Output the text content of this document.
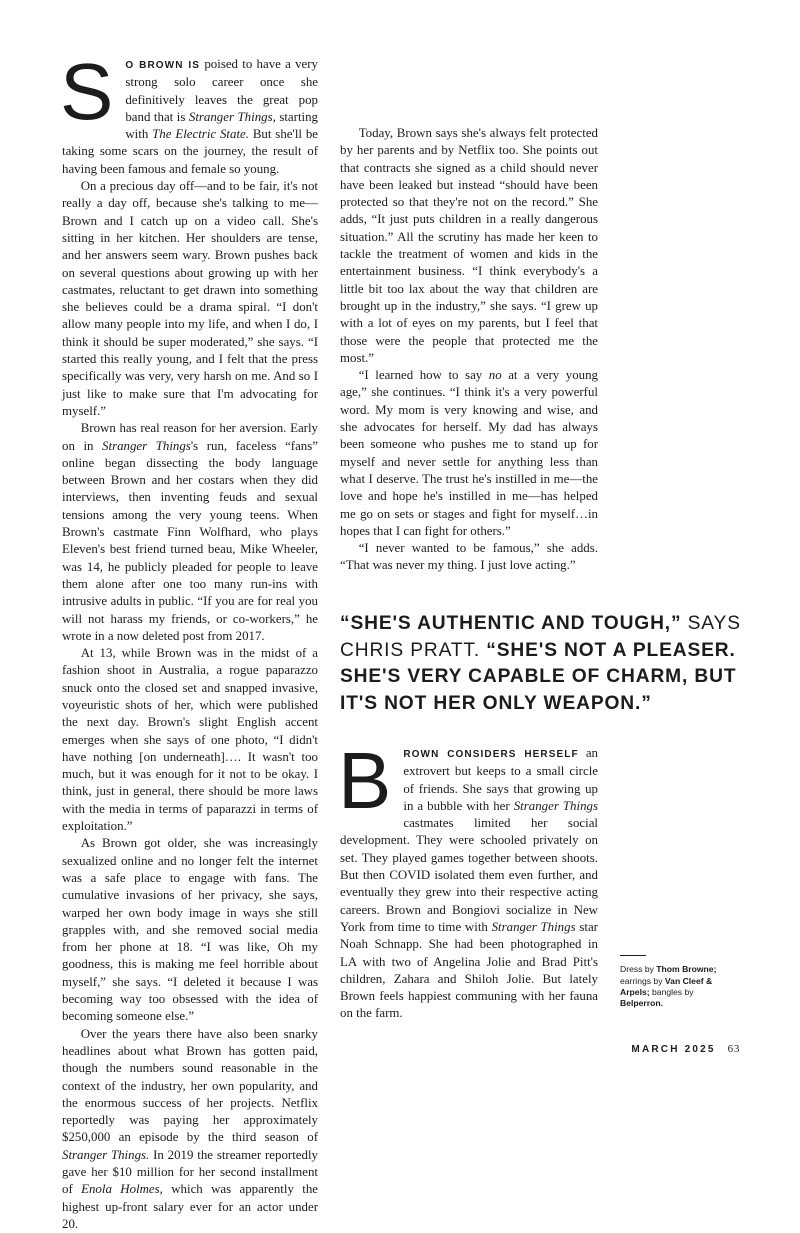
S O BROWN IS poised to have a very strong solo career once she definitively leaves the great pop band that is Stranger Things, starting with The Electric State. But she'll be taking some scars on the journey, the result of having been famous and female so young.

On a precious day off—and to be fair, it's not really a day off, because she's talking to me—Brown and I catch up on a video call. She's sitting in her kitchen. Her shoulders are tense, and her answers seem wary. Brown pushes back on several questions about growing up with her castmates, reluctant to get drawn into something she believes could be a drama spiral. “I don't allow many people into my life, and when I do, I think it should be super moderated,” she says. “I started this really young, and I felt that the press specifically was very, very harsh on me. And so I just like to make sure that I'm advocating for myself.”

Brown has real reason for her aversion. Early on in Stranger Things's run, faceless “fans” online began dissecting the body language between Brown and her costars when they did interviews, then inventing feuds and sexual tensions among the very young teens. When Brown's castmate Finn Wolfhard, who plays Eleven's best friend turned beau, Mike Wheeler, was 14, he publicly pleaded for people to leave them alone after one too many run-ins with intrusive adults in public. “If you are for real you will not harass my friends, or co-workers,” he wrote in a now deleted post from 2017.

At 13, while Brown was in the midst of a fashion shoot in Australia, a rogue paparazzo snuck onto the closed set and snapped invasive, voyeuristic shots of her, which were published the next day. Brown's slight English accent emerges when she says of one photo, “I didn't have nothing [on underneath]…. It wasn't too much, but it was enough for it not to be okay. I think, just in general, there should be more laws with the media in terms of paparazzi in terms of exploitation.”

As Brown got older, she was increasingly sexualized online and no longer felt the internet was a safe place to engage with fans. The cumulative invasions of her privacy, she says, warped her own body image in ways she still grapples with, and she removed social media from her phone at 18. “I was like, Oh my goodness, this is making me feel horrible about myself,” she says. “I deleted it because I was becoming way too obsessed with the idea of becoming someone else.”

Over the years there have also been snarky headlines about what Brown has gotten paid, though the numbers sound reasonable in the context of the industry, her own popularity, and the enormous success of her projects. Netflix reportedly was paying her approximately $250,000 an episode by the third season of Stranger Things. In 2019 the streamer reportedly gave her $10 million for her second installment of Enola Holmes, which was apparently the highest up-front salary ever for an actor under 20.

Today, Brown says she's always felt protected by her parents and by Netflix too. She points out that contracts she signed as a child should never have been leaked but instead “should have been protected so that they're not on the record.” She adds, “It just puts children in a really dangerous situation.” All the scrutiny has made her keen to tackle the treatment of women and kids in the entertainment business. “I think everybody's a little bit too lax about the way that children are brought up in the industry,” she says. “I grew up with a lot of eyes on my parents, but I feel that those were the people that protected me the most.”

“I learned how to say no at a very young age,” she continues. “I think it's a very powerful word. My mom is very knowing and wise, and she advocates for herself. My dad has always been someone who pushes me to stand up for myself and never settle for anything less than what I deserve. The trust he's instilled in me—the love and hope he's instilled in me—has helped me go on sets or stages and fight for myself…in hopes that I can fight for others.”

“I never wanted to be famous,” she adds. “That was never my thing. I just love acting.”

“SHE'S AUTHENTIC AND TOUGH,” SAYS CHRIS PRATT. “SHE'S NOT A PLEASER. SHE'S VERY CAPABLE OF CHARM, BUT IT'S NOT HER ONLY WEAPON.”

B ROWN CONSIDERS HERSELF an extrovert but keeps to a small circle of friends. She says that growing up in a bubble with her Stranger Things castmates limited her social development. They were schooled privately on set. They played games together between shoots. But then COVID isolated them even further, and eventually they grew into their respective acting careers. Brown and Bongiovi socialize in New York from time to time with Stranger Things star Noah Schnapp. She had been photographed in LA with two of Angelina Jolie and Brad Pitt's children, Zahara and Shiloh Jolie. But lately Brown feels happiest communing with her fauna on the farm.

Dress by Thom Browne; earrings by Van Cleef & Arpels; bangles by Belperron.
MARCH 2025 63
